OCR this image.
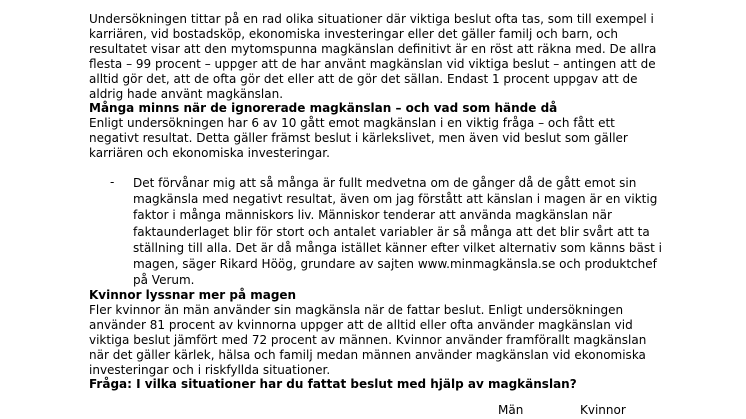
Undersökningen tittar på en rad olika situationer där viktiga beslut ofta tas, som till exempel i karriären, vid bostadsköp, ekonomiska investeringar eller det gäller familj och barn, och resultatet visar att den mytomspunna magkänslan definitivt är en röst att räkna med. De allra flesta – 99 procent – uppger att de har använt magkänslan vid viktiga beslut – antingen att de alltid gör det, att de ofta gör det eller att de gör det sällan. Endast 1 procent uppgav att de aldrig hade använt magkänslan.

Många minns när de ignorerade magkänslan – och vad som hände då

Enligt undersökningen har 6 av 10 gått emot magkänslan i en viktig fråga – och fått ett negativt resultat. Detta gäller främst beslut i kärlekslivet, men även vid beslut som gäller karriären och ekonomiska investeringar.

- Det förvånar mig att så många är fullt medvetna om de gånger då de gått emot sin magkänsla med negativt resultat, även om jag förstått att känslan i magen är en viktig faktor i många människors liv. Människor tenderar att använda magkänslan när faktaunderlaget blir för stort och antalet variabler är så många att det blir svårt att ta ställning till alla. Det är då många istället känner efter vilket alternativ som känns bäst i magen, säger Rikard Höög, grundare av sajten www.minmagkänsla.se och produktchef på Verum.

Kvinnor lyssnar mer på magen

Fler kvinnor än män använder sin magkänsla när de fattar beslut. Enligt undersökningen använder 81 procent av kvinnorna uppger att de alltid eller ofta använder magkänslan vid viktiga beslut jämfört med 72 procent av männen. Kvinnor använder framförallt magkänslan när det gäller kärlek, hälsa och familj medan männen använder magkänslan vid ekonomiska investeringar och i riskfyllda situationer.

Fråga: I vilka situationer har du fattat beslut med hjälp av magkänslan?

Män	Kvinnor
